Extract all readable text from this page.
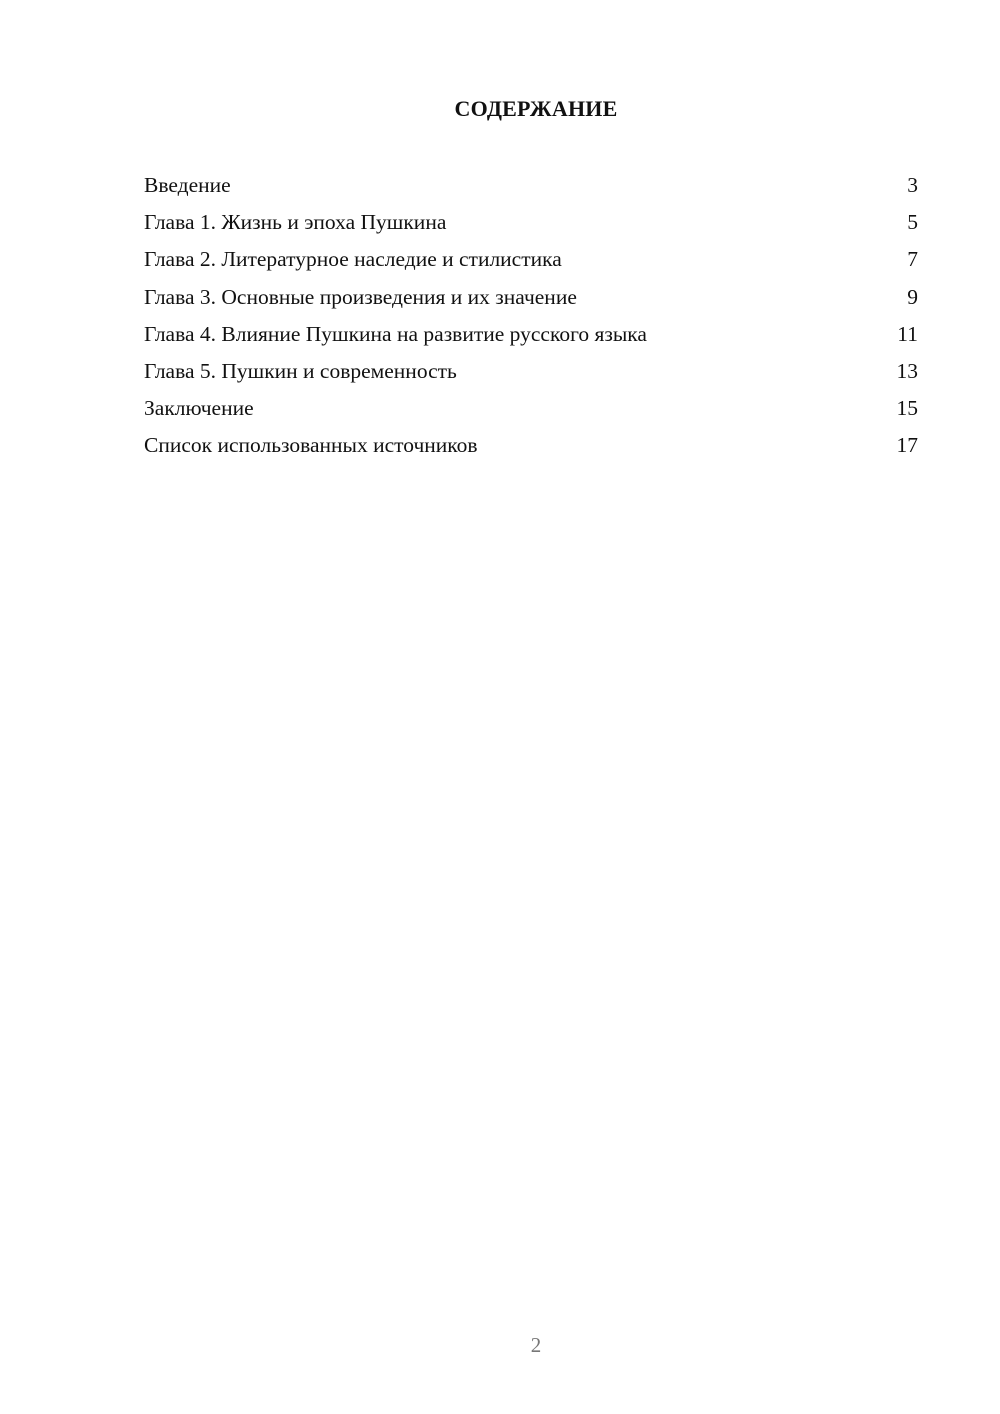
СОДЕРЖАНИЕ
Введение	3
Глава 1. Жизнь и эпоха Пушкина	5
Глава 2. Литературное наследие и стилистика	7
Глава 3. Основные произведения и их значение	9
Глава 4. Влияние Пушкина на развитие русского языка	11
Глава 5. Пушкин и современность	13
Заключение	15
Список использованных источников	17
2
